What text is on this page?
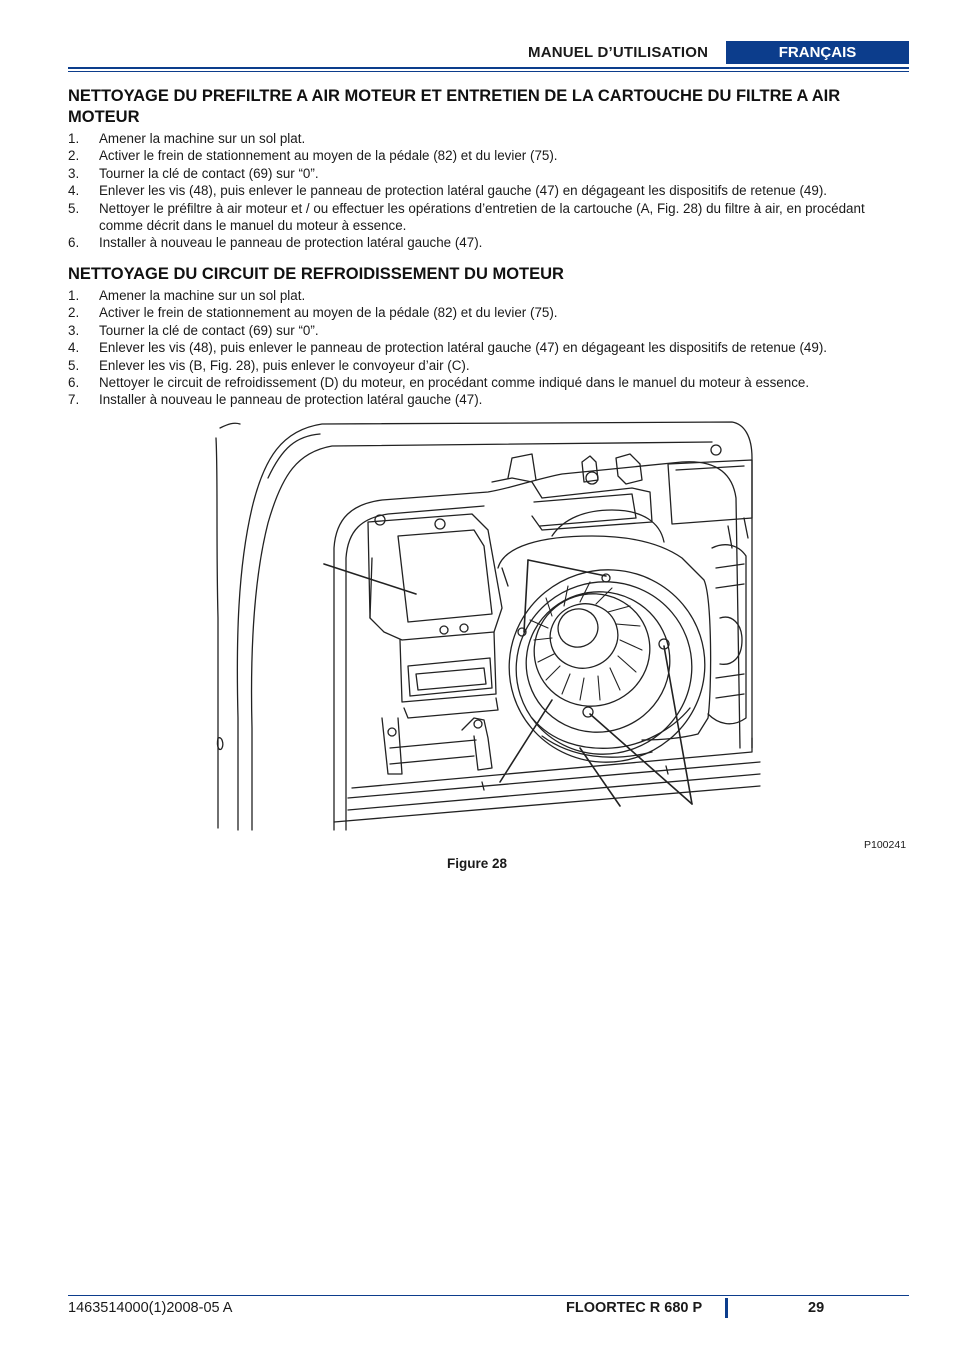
MANUEL D’UTILISATION	FRANÇAIS
NETTOYAGE DU PREFILTRE A AIR MOTEUR ET ENTRETIEN DE LA CARTOUCHE DU FILTRE A AIR MOTEUR
1.	Amener la machine sur un sol plat.
2.	Activer le frein de stationnement au moyen de la pédale (82) et du levier (75).
3.	Tourner la clé de contact (69) sur “0”.
4.	Enlever les vis (48), puis enlever le panneau de protection latéral gauche (47) en dégageant les dispositifs de retenue (49).
5.	Nettoyer le préfiltre à air moteur et / ou effectuer les opérations d’entretien de la cartouche (A, Fig. 28) du filtre à air, en procédant comme décrit dans le manuel du moteur à essence.
6.	Installer à nouveau le panneau de protection latéral gauche (47).
NETTOYAGE DU CIRCUIT DE REFROIDISSEMENT DU MOTEUR
1.	Amener la machine sur un sol plat.
2.	Activer le frein de stationnement au moyen de la pédale (82) et du levier (75).
3.	Tourner la clé de contact (69) sur “0”.
4.	Enlever les vis (48), puis enlever le panneau de protection latéral gauche (47) en dégageant les dispositifs de retenue (49).
5.	Enlever les vis (B, Fig. 28), puis enlever le convoyeur d’air (C).
6.	Nettoyer le circuit de refroidissement (D) du moteur, en procédant comme indiqué dans le manuel du moteur à essence.
7.	Installer à nouveau le panneau de protection latéral gauche (47).
P100241
Figure 28
1463514000(1)2008-05 A	FLOORTEC R 680 P	29
